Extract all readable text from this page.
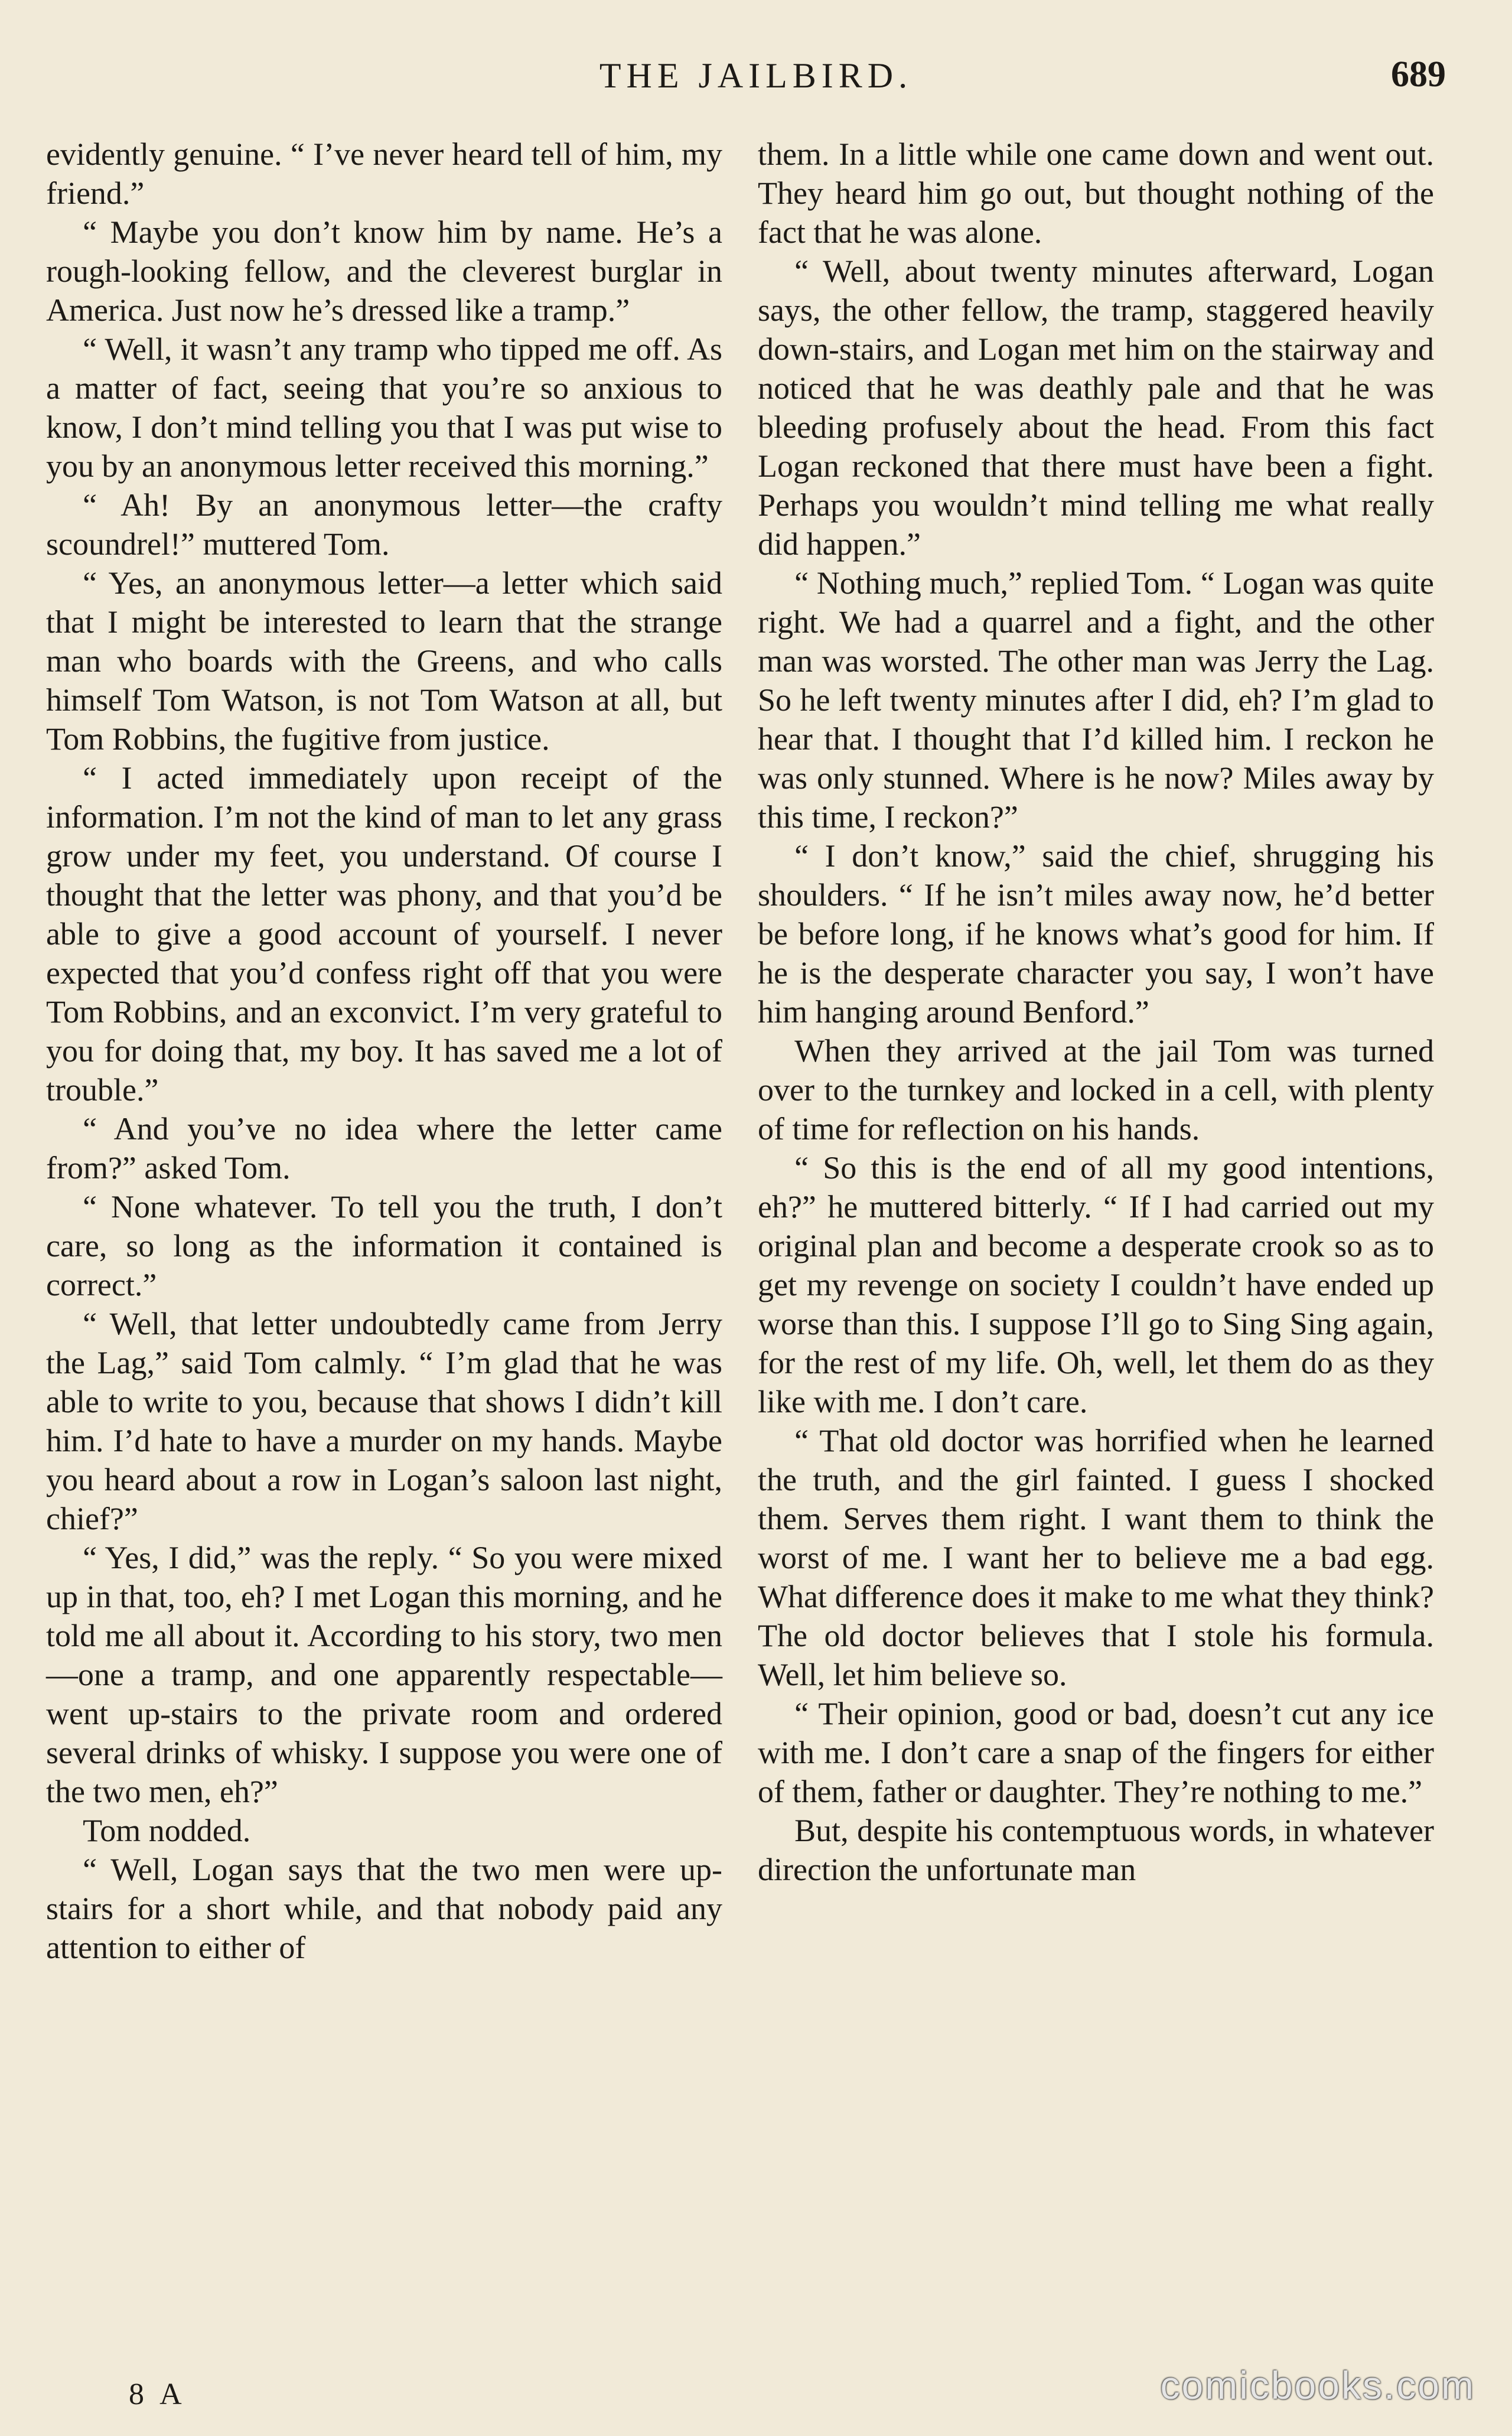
THE JAILBIRD.	689

evidently genuine. “ I’ve never heard tell of him, my friend.”

“ Maybe you don’t know him by name. He’s a rough-looking fellow, and the cleverest burglar in America. Just now he’s dressed like a tramp.”

“ Well, it wasn’t any tramp who tipped me off. As a matter of fact, seeing that you’re so anxious to know, I don’t mind telling you that I was put wise to you by an anonymous letter received this morning.”

“ Ah! By an anonymous letter—the crafty scoundrel!” muttered Tom.

“ Yes, an anonymous letter—a letter which said that I might be interested to learn that the strange man who boards with the Greens, and who calls himself Tom Watson, is not Tom Watson at all, but Tom Robbins, the fugitive from justice.

“ I acted immediately upon receipt of the information. I’m not the kind of man to let any grass grow under my feet, you understand. Of course I thought that the letter was phony, and that you’d be able to give a good account of yourself. I never expected that you’d confess right off that you were Tom Robbins, and an exconvict. I’m very grateful to you for doing that, my boy. It has saved me a lot of trouble.”

“ And you’ve no idea where the letter came from?” asked Tom.

“ None whatever. To tell you the truth, I don’t care, so long as the information it contained is correct.”

“ Well, that letter undoubtedly came from Jerry the Lag,” said Tom calmly. “ I’m glad that he was able to write to you, because that shows I didn’t kill him. I’d hate to have a murder on my hands. Maybe you heard about a row in Logan’s saloon last night, chief?”

“ Yes, I did,” was the reply. “ So you were mixed up in that, too, eh? I met Logan this morning, and he told me all about it. According to his story, two men—one a tramp, and one apparently respectable—went up-stairs to the private room and ordered several drinks of whisky. I suppose you were one of the two men, eh?”

Tom nodded.

“ Well, Logan says that the two men were up-stairs for a short while, and that nobody paid any attention to either of

them. In a little while one came down and went out. They heard him go out, but thought nothing of the fact that he was alone.

“ Well, about twenty minutes afterward, Logan says, the other fellow, the tramp, staggered heavily down-stairs, and Logan met him on the stairway and noticed that he was deathly pale and that he was bleeding profusely about the head. From this fact Logan reckoned that there must have been a fight. Perhaps you wouldn’t mind telling me what really did happen.”

“ Nothing much,” replied Tom. “ Logan was quite right. We had a quarrel and a fight, and the other man was worsted. The other man was Jerry the Lag. So he left twenty minutes after I did, eh? I’m glad to hear that. I thought that I’d killed him. I reckon he was only stunned. Where is he now? Miles away by this time, I reckon?”

“ I don’t know,” said the chief, shrugging his shoulders. “ If he isn’t miles away now, he’d better be before long, if he knows what’s good for him. If he is the desperate character you say, I won’t have him hanging around Benford.”

When they arrived at the jail Tom was turned over to the turnkey and locked in a cell, with plenty of time for reflection on his hands.

“ So this is the end of all my good intentions, eh?” he muttered bitterly. “ If I had carried out my original plan and become a desperate crook so as to get my revenge on society I couldn’t have ended up worse than this. I suppose I’ll go to Sing Sing again, for the rest of my life. Oh, well, let them do as they like with me. I don’t care.

“ That old doctor was horrified when he learned the truth, and the girl fainted. I guess I shocked them. Serves them right. I want them to think the worst of me. I want her to believe me a bad egg. What difference does it make to me what they think? The old doctor believes that I stole his formula. Well, let him believe so.

“ Their opinion, good or bad, doesn’t cut any ice with me. I don’t care a snap of the fingers for either of them, father or daughter. They’re nothing to me.”

But, despite his contemptuous words, in whatever direction the unfortunate man

8 A	comicbooks.com
